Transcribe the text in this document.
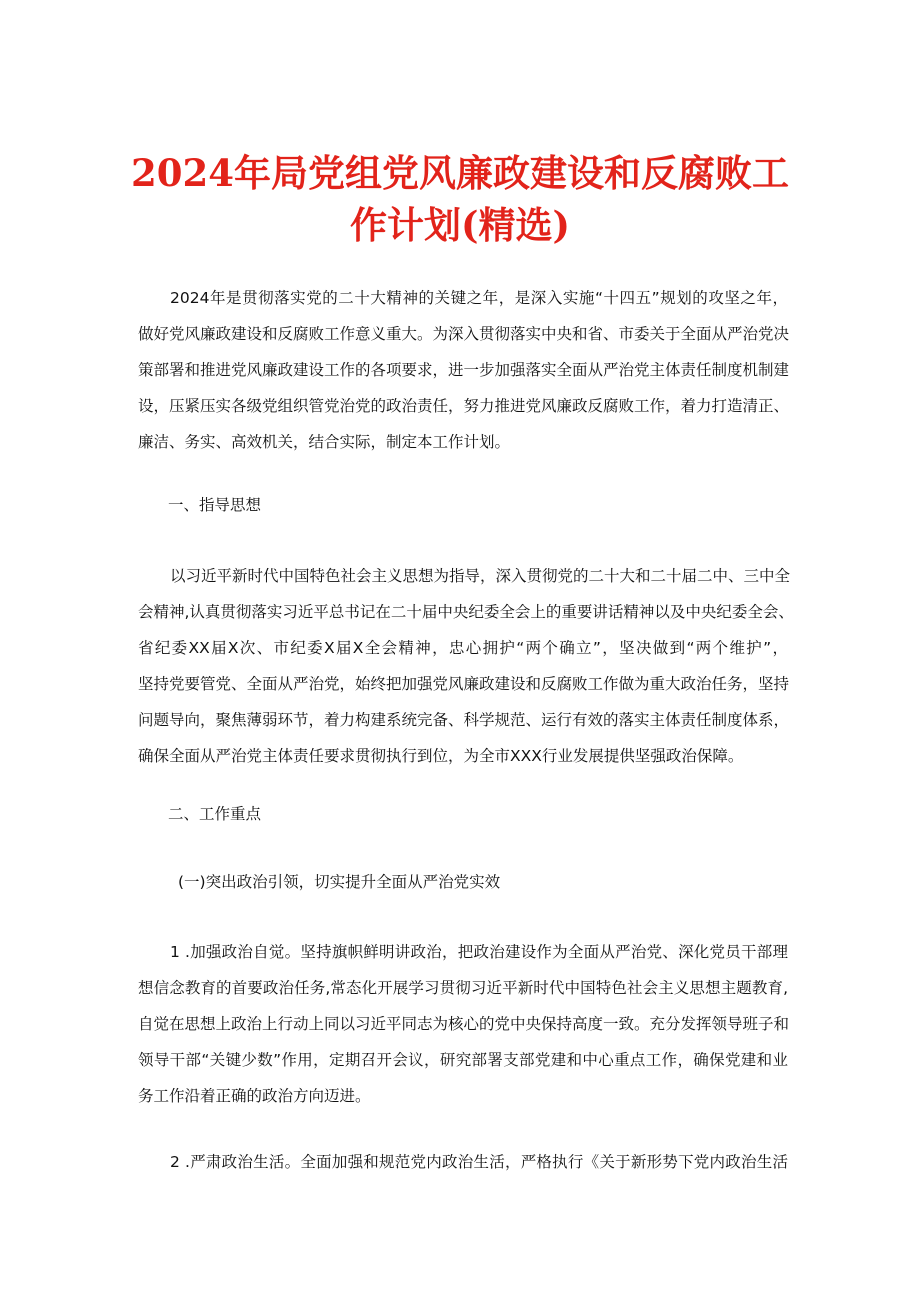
2024年局党组党风廉政建设和反腐败工
作计划(精选)
2024年是贯彻落实党的二十大精神的关键之年，是深入实施“十四五”规划的攻坚之年，
做好党风廉政建设和反腐败工作意义重大。为深入贯彻落实中央和省、市委关于全面从严治党决
策部署和推进党风廉政建设工作的各项要求，进一步加强落实全面从严治党主体责任制度机制建
设，压紧压实各级党组织管党治党的政治责任，努力推进党风廉政反腐败工作，着力打造清正、
廉洁、务实、高效机关，结合实际，制定本工作计划。
一、指导思想
以习近平新时代中国特色社会主义思想为指导，深入贯彻党的二十大和二十届二中、三中全
会精神,认真贯彻落实习近平总书记在二十届中央纪委全会上的重要讲话精神以及中央纪委全会、
省纪委XX届X次、市纪委X届X全会精神，忠心拥护“两个确立”，坚决做到“两个维护”，
坚持党要管党、全面从严治党，始终把加强党风廉政建设和反腐败工作做为重大政治任务，坚持
问题导向，聚焦薄弱环节，着力构建系统完备、科学规范、运行有效的落实主体责任制度体系，
确保全面从严治党主体责任要求贯彻执行到位，为全市XXX行业发展提供坚强政治保障。
二、工作重点
(一)突出政治引领，切实提升全面从严治党实效
1 .加强政治自觉。坚持旗帜鲜明讲政治，把政治建设作为全面从严治党、深化党员干部理
想信念教育的首要政治任务,常态化开展学习贯彻习近平新时代中国特色社会主义思想主题教育,
自觉在思想上政治上行动上同以习近平同志为核心的党中央保持高度一致。充分发挥领导班子和
领导干部“关键少数”作用，定期召开会议，研究部署支部党建和中心重点工作，确保党建和业
务工作沿着正确的政治方向迈进。
2 .严肃政治生活。全面加强和规范党内政治生活，严格执行《关于新形势下党内政治生活
